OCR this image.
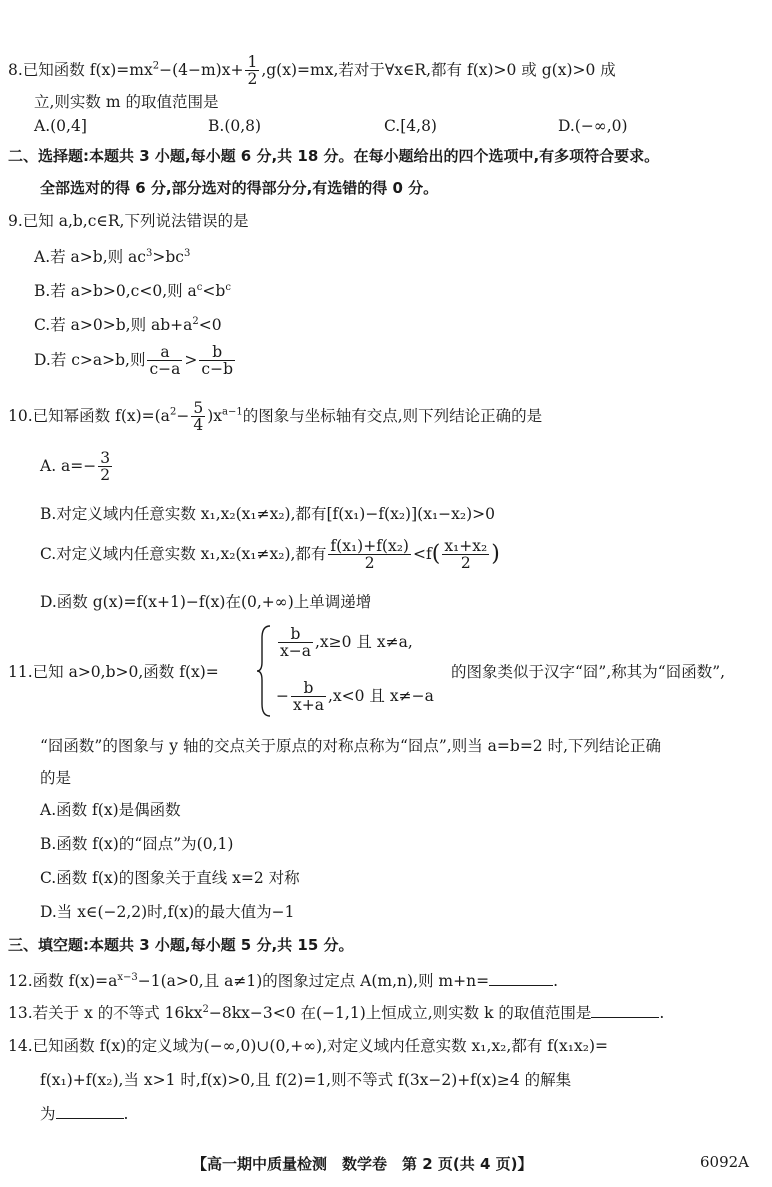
8.已知函数 $f(x)=mx^2-(4-m)x+ \frac{1}{2} ,g(x)=mx$,若对于∀x∈R,都有 f(x)>0 或 g(x)>0 成
立,则实数 m 的取值范围是
A.(0,4]	B.(0,8)	C.[4,8)	D.(−∞,0)
二、选择题:本题共 3 小题,每小题 6 分,共 18 分。在每小题给出的四个选项中,有多项符合要求。
全部选对的得 6 分,部分选对的得部分分,有选错的得 0 分。
9.已知 a,b,c∈R,下列说法错误的是
A.若 a>b,则 $ac^3>bc^3$
B.若 a>b>0,c<0,则 $a^c<b^c$
C.若 a>0>b,则 $ab+a^2<0$
D.若 c>a>b,则 $\frac{a}{c-a} > \frac{b}{c-b}$
10.已知幂函数 $f(x)=(a^2- \frac{5}{4} )x^{a-1}$的图象与坐标轴有交点,则下列结论正确的是
A. $a=- \frac{3}{2}$
B.对定义域内任意实数 x₁,x₂(x₁≠x₂),都有[f(x₁)−f(x₂)](x₁−x₂)>0
C.对定义域内任意实数 x₁,x₂(x₁≠x₂),都有 $\frac{\text{f(x₁)+f(x₂)}}{2} <f( \frac{\text{x₁+x₂}}{2}$ )
D.函数 g(x)=f(x+1)−f(x)在(0,+∞)上单调递增
11.已知 a>0,b>0,函数 f(x)=
$\frac{b}{x-a} ,x\ge 0$ 且 x≠a,
− $\frac{b}{x+a} ,x<0$ 且 x≠−a
的图象类似于汉字“囧”,称其为“囧函数”,
“囧函数”的图象与 y 轴的交点关于原点的对称点称为“囧点”,则当 a=b=2 时,下列结论正确
的是
A.函数 f(x)是偶函数
B.函数 f(x)的“囧点”为(0,1)
C.函数 f(x)的图象关于直线 x=2 对称
D.当 x∈(−2,2)时,f(x)的最大值为−1
三、填空题:本题共 3 小题,每小题 5 分,共 15 分。
12.函数 $f(x)=a^{x-3}-1(a>0$,且 a≠1)的图象过定点 A(m,n),则 m+n=	.
13.若关于 x 的不等式 $16kx^2-8kx-3<0$ 在(−1,1)上恒成立,则实数 k 的取值范围是	.
14.已知函数 f(x)的定义域为(−∞,0)∪(0,+∞),对定义域内任意实数 x₁,x₂,都有 f(x₁x₂)=
f(x₁)+f(x₂),当 x>1 时,f(x)>0,且 f(2)=1,则不等式 f(3x−2)+f(x)≥4 的解集
为	.
【高一期中质量检测　数学卷　第 2 页(共 4 页)】	6092A
